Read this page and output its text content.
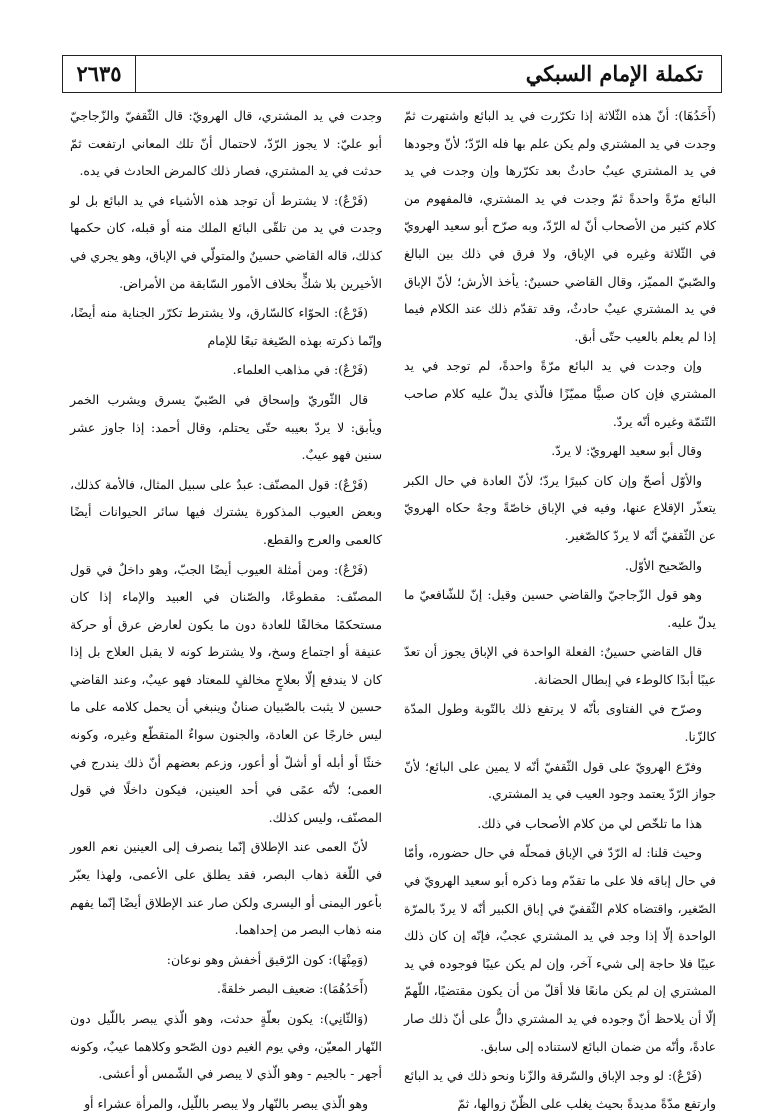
٢٦٣٥	تكملة الإمام السبكي

(أَحَدُهَا): أنّ هذه الثّلاثة إذا تكرّرت في يد البائع واشتهرت ثمّ وجدت في يد المشتري ولم يكن علم بها فله الرّدّ؛ لأنّ وجودها في يد المشتري عيبٌ حادثٌ بعد تكرّرها وإن وجدت في يد البائع مرّةً واحدةً ثمّ وجدت في يد المشتري، فالمفهوم من كلام كثير من الأصحاب أنّ له الرّدّ، وبه صرّح أبو سعيد الهرويّ في الثّلاثة وغيره في الإباق، ولا فرق في ذلك بين البالغ والصّبيّ المميّز، وقال القاضي حسينٌ: يأخذ الأرش؛ لأنّ الإباق في يد المشتري عيبٌ حادثٌ، وقد تقدّم ذلك عند الكلام فيما إذا لم يعلم بالعيب حتّى أبق.

وإن وجدت في يد البائع مرّةً واحدةً، لم توجد في يد المشتري فإن كان صبيًّا مميّزًا فالّذي يدلّ عليه كلام صاحب التّتمّة وغيره أنّه يردّ.

وقال أبو سعيد الهرويّ: لا يردّ.

والأوّل أصحّ وإن كان كبيرًا يردّ؛ لأنّ العادة في حال الكبر يتعذّر الإقلاع عنها، وفيه في الإباق خاصّةً وجهٌ حكاه الهرويّ عن الثّقفيّ أنّه لا يردّ كالصّغير.

والصّحيح الأوّل.

وهو قول الزّجاجيّ والقاضي حسين وقيل: إنّ للشّافعيّ ما يدلّ عليه.

قال القاضي حسينٌ: الفعلة الواحدة في الإباق يجوز أن تعدّ عيبًا أبدًا كالوطء في إبطال الحضانة.

وصرّح في الفتاوى بأنّه لا يرتفع ذلك بالتّوبة وطول المدّة كالزّنا.

وفرّع الهرويّ على قول الثّقفيّ أنّه لا يمين على البائع؛ لأنّ جواز الرّدّ يعتمد وجود العيب في يد المشتري.

هذا ما تلخّص لي من كلام الأصحاب في ذلك.

وحيث قلنا: له الرّدّ في الإباق فمحلّه في حال حضوره، وأمّا في حال إباقه فلا على ما تقدّم وما ذكره أبو سعيد الهرويّ في الصّغير، واقتضاه كلام الثّقفيّ في إباق الكبير أنّه لا يردّ بالمرّة الواحدة إلّا إذا وجد في يد المشتري عجبٌ، فإنّه إن كان ذلك عيبًا فلا حاجة إلى شيء آخر، وإن لم يكن عيبًا فوجوده في يد المشتري إن لم يكن مانعًا فلا أقلّ من أن يكون مقتضيًا، اللّهمّ إلّا أن يلاحظ أنّ وجوده في يد المشتري دالٌّ على أنّ ذلك صار عادةً، وأنّه من ضمان البائع لاستناده إلى سابق.

(فَرْعٌ): لو وجد الإباق والسّرقة والزّنا ونحو ذلك في يد البائع وارتفع مدّةً مديدةً بحيث يغلب على الظّنّ زوالها، ثمّ

وجدت في يد المشتري، قال الهرويّ: قال الثّقفيّ والزّجاجيّ أبو عليّ: لا يجوز الرّدّ، لاحتمال أنّ تلك المعاني ارتفعت ثمّ حدثت في يد المشتري، فصار ذلك كالمرض الحادث في يده.

(فَرْعٌ): لا يشترط أن توجد هذه الأشياء في يد البائع بل لو وجدت في يد من تلقّى البائع الملك منه أو قبله، كان حكمها كذلك، قاله القاضي حسينٌ والمتولّي في الإباق، وهو يجري في الأخيرين بلا شكٍّ بخلاف الأمور السّابقة من الأمراض.

(فَرْعٌ): الحوّاء كالسّارق، ولا يشترط تكرّر الجناية منه أيضًا، وإنّما ذكرته بهذه الصّيغة تبعًا للإمام

(فَرْعٌ): في مذاهب العلماء.

قال الثّوريّ وإسحاق في الصّبيّ يسرق ويشرب الخمر ويأبق: لا يردّ بعيبه حتّى يحتلم، وقال أحمد: إذا جاوز عشر سنين فهو عيبٌ.

(فَرْعٌ): قول المصنّف: عبدٌ على سبيل المثال، فالأمة كذلك، وبعض العيوب المذكورة يشترك فيها سائر الحيوانات أيضًا كالعمى والعرج والقطع.

(فَرْعٌ): ومن أمثلة العيوب أيضًا الجبّ، وهو داخلٌ في قول المصنّف: مقطوعًا، والصّنان في العبيد والإماء إذا كان مستحكمًا مخالفًا للعادة دون ما يكون لعارض عرق أو حركة عنيفة أو اجتماع وسخ، ولا يشترط كونه لا يقبل العلاج بل إذا كان لا يندفع إلّا بعلاجٍ مخالفٍ للمعتاد فهو عيبٌ، وعند القاضي حسين لا يثبت بالصّبيان صنانٌ وينبغي أن يحمل كلامه على ما ليس خارجًا عن العادة، والجنون سواءٌ المتقطّع وغيره، وكونه خنثًا أو أبله أو أشلّ أو أعور، وزعم بعضهم أنّ ذلك يندرج في العمى؛ لأنّه عمًى في أحد العينين، فيكون داخلًا في قول المصنّف، وليس كذلك.

لأنّ العمى عند الإطلاق إنّما ينصرف إلى العينين نعم العور في اللّغة ذهاب البصر، فقد يطلق على الأعمى، ولهذا يعبّر بأعور اليمنى أو اليسرى ولكن صار عند الإطلاق أيضًا إنّما يفهم منه ذهاب البصر من إحداهما.

(وَمِنْهَا): كون الرّقيق أخفش وهو نوعان:

(أَحَدُهُمَا): ضعيف البصر خلقةً.

(وَالثّانِي): يكون بعلّةٍ حدثت، وهو الّذي يبصر باللّيل دون النّهار المعيّن، وفي يوم الغيم دون الصّحو وكلاهما عيبٌ، وكونه أجهر - بالجيم - وهو الّذي لا يبصر في الشّمس أو أعشى.

وهو الّذي يبصر بالنّهار ولا يبصر باللّيل، والمرأة عشراء أو
